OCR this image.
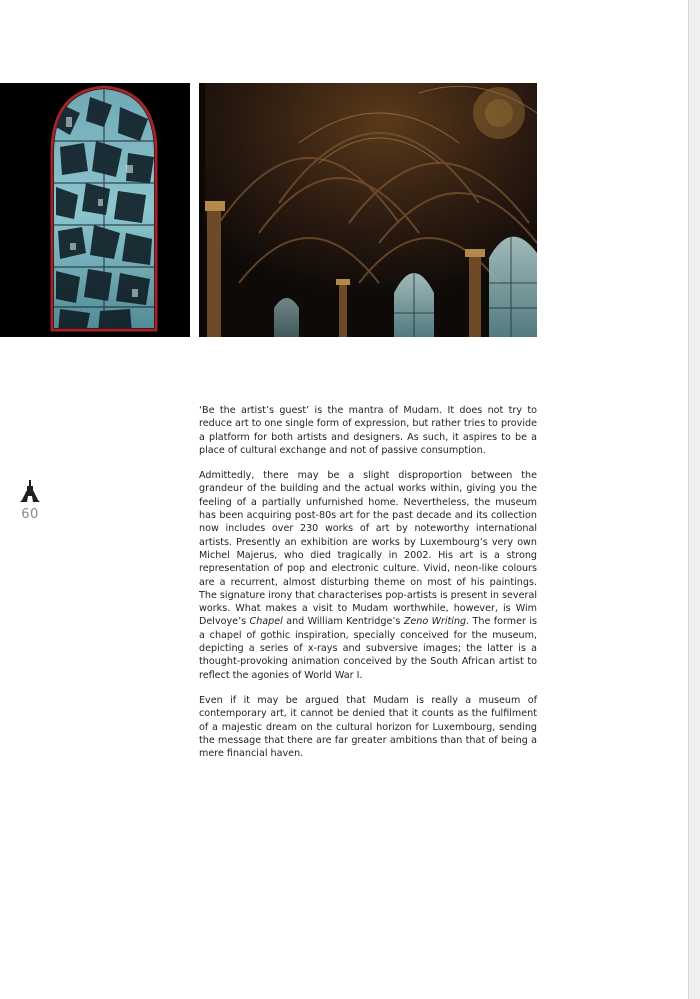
60

‘Be the artist’s guest’ is the mantra of Mudam. It does not try to reduce art to one single form of expression, but rather tries to provide a platform for both artists and designers. As such, it aspires to be a place of cultural exchange and not of passive consumption.

Admittedly, there may be a slight disproportion between the grandeur of the building and the actual works within, giving you the feeling of a partially unfurnished home. Nevertheless, the museum has been acquiring post-80s art for the past decade and its collection now includes over 230 works of art by noteworthy international artists. Presently an exhibition are works by Luxembourg’s very own Michel Majerus, who died tragically in 2002. His art is a strong representation of pop and electronic culture. Vivid, neon-like colours are a recurrent, almost disturbing theme on most of his paintings. The signature irony that characterises pop-artists is present in several works. What makes a visit to Mudam worthwhile, however, is Wim Delvoye’s Chapel and William Kentridge’s Zeno Writing. The former is a chapel of gothic inspiration, specially conceived for the museum, depicting a series of x-rays and subversive images; the latter is a thought-provoking animation conceived by the South African artist to reflect the agonies of World War I.

Even if it may be argued that Mudam is really a museum of contemporary art, it cannot be denied that it counts as the fulfilment of a majestic dream on the cultural horizon for Luxembourg, sending the message that there are far greater ambitions than that of being a mere financial haven.
